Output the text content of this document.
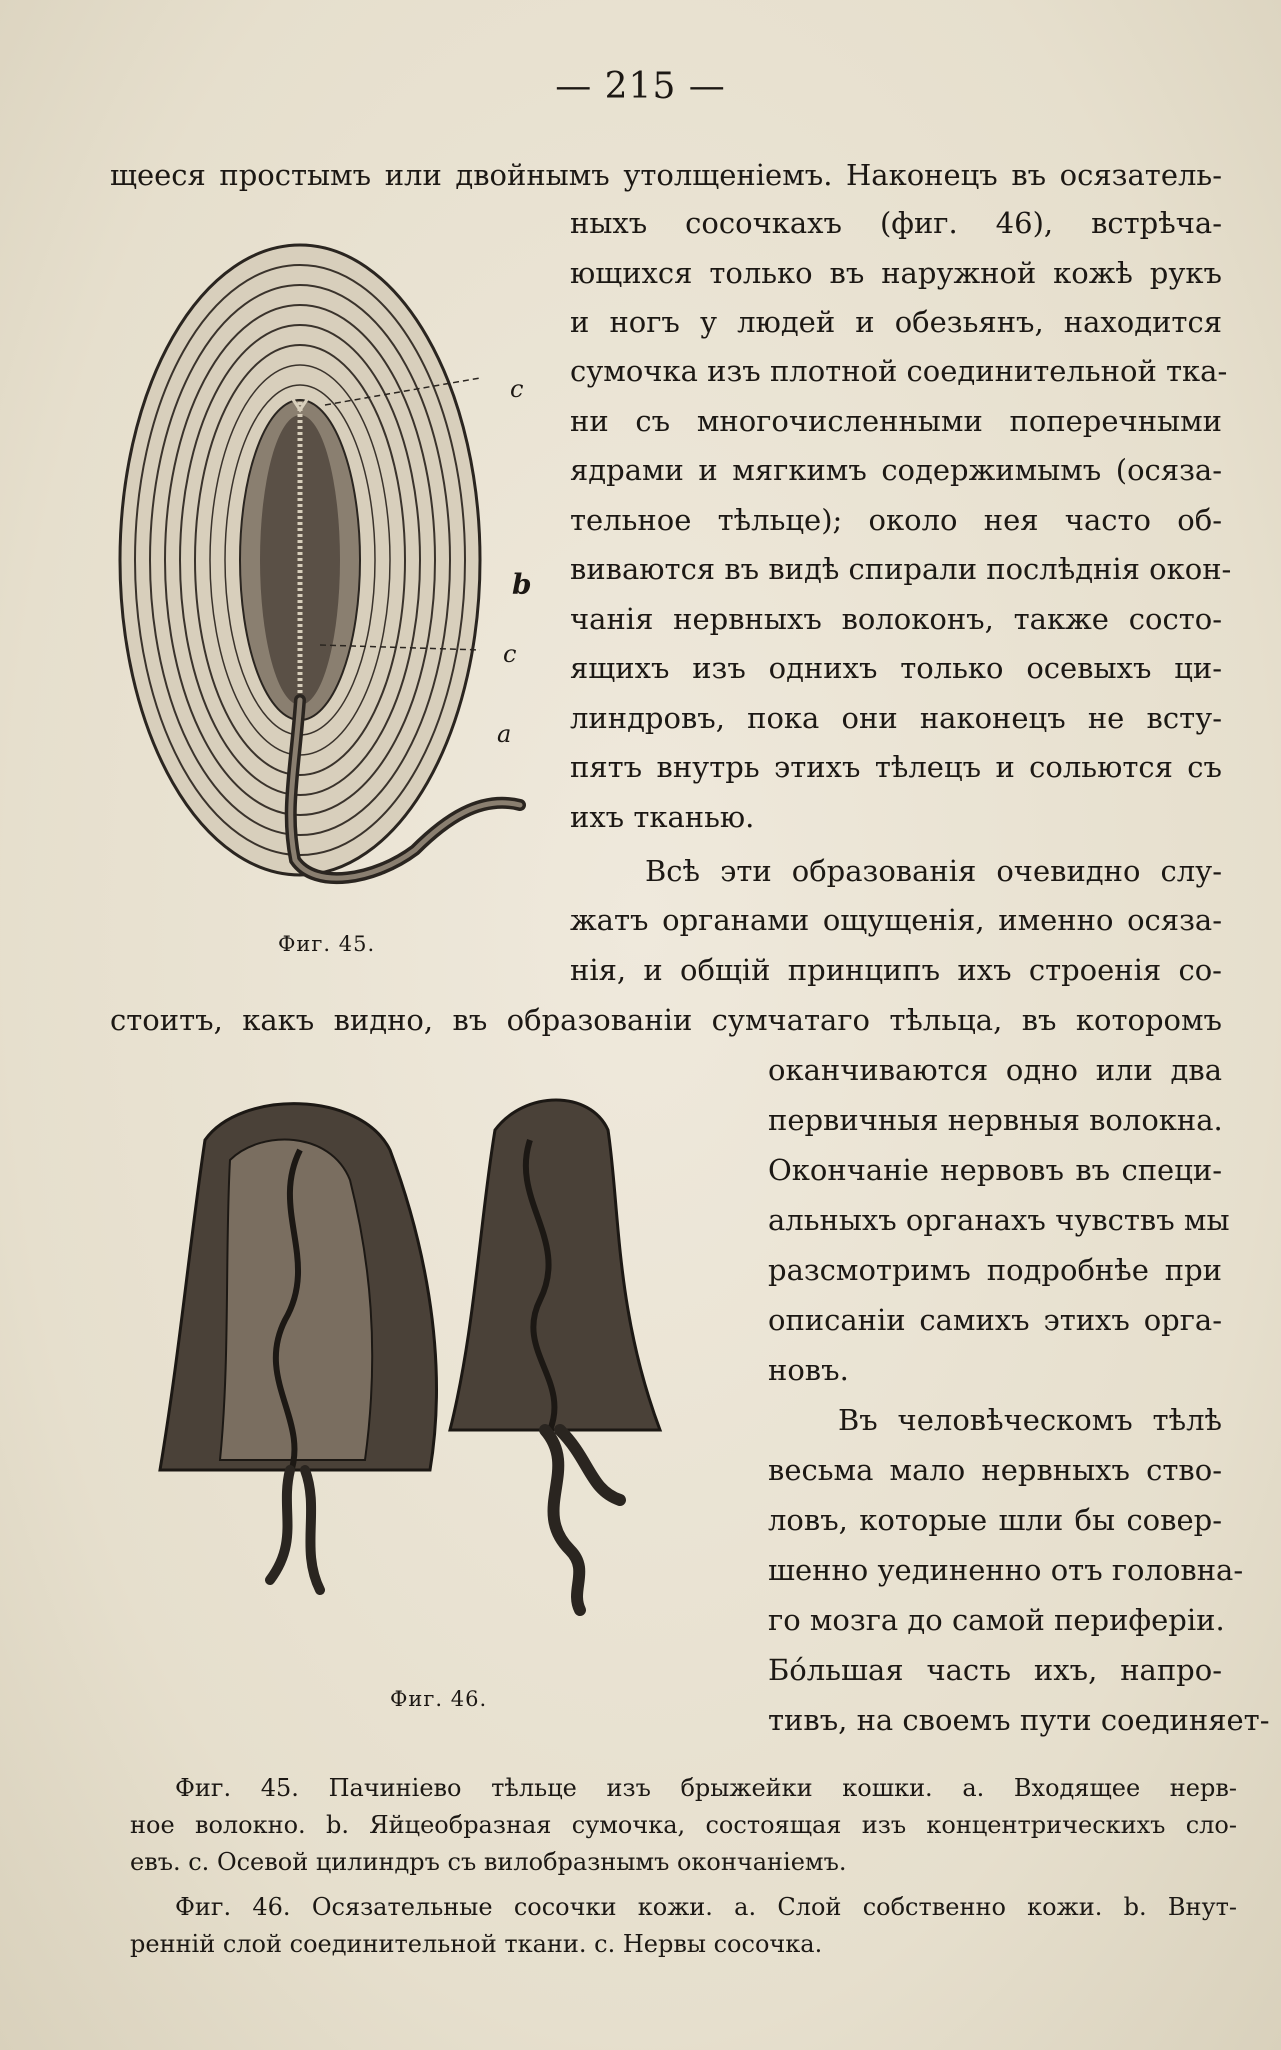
— 215 —
щееся простымъ или двойнымъ утолщеніемъ. Наконецъ въ осязатель-
ныхъ сосочкахъ (фиг. 46), встрѣча-
ющихся только въ наружной кожѣ рукъ
и ногъ у людей и обезьянъ, находится
сумочка изъ плотной соединительной тка-
ни съ многочисленными поперечными
ядрами и мягкимъ содержимымъ (осяза-
тельное тѣльце); около нея часто об-
виваются въ видѣ спирали послѣднія окон-
чанія нервныхъ волоконъ, также состо-
ящихъ изъ однихъ только осевыхъ ци-
линдровъ, пока они наконецъ не всту-
пятъ внутрь этихъ тѣлецъ и сольются съ
ихъ тканью.
Всѣ эти образованія очевидно слу-
жатъ органами ощущенія, именно осяза-
нія, и общій принципъ ихъ строенія со-
стоитъ, какъ видно, въ образованіи сумчатаго тѣльца, въ которомъ
оканчиваются одно или два
первичныя нервныя волокна.
Окончаніе нервовъ въ специ-
альныхъ органахъ чувствъ мы
разсмотримъ подробнѣе при
описаніи самихъ этихъ орга-
новъ.
Въ человѣческомъ тѣлѣ
весьма мало нервныхъ ство-
ловъ, которые шли бы совер-
шенно уединенно отъ головна-
го мозга до самой периферіи.
Бо́льшая часть ихъ, напро-
тивъ, на своемъ пути соединяет-
c
b
c
a
Фиг. 45.
Фиг. 46.
Фиг. 45. Пачиніево тѣльце изъ брыжейки кошки. a. Входящее нерв-
ное волокно. b. Яйцеобразная сумочка, состоящая изъ концентрическихъ сло-
евъ. c. Осевой цилиндръ съ вилобразнымъ окончаніемъ.
Фиг. 46. Осязательные сосочки кожи. a. Слой собственно кожи. b. Внут-
ренній слой соединительной ткани. c. Нервы сосочка.
